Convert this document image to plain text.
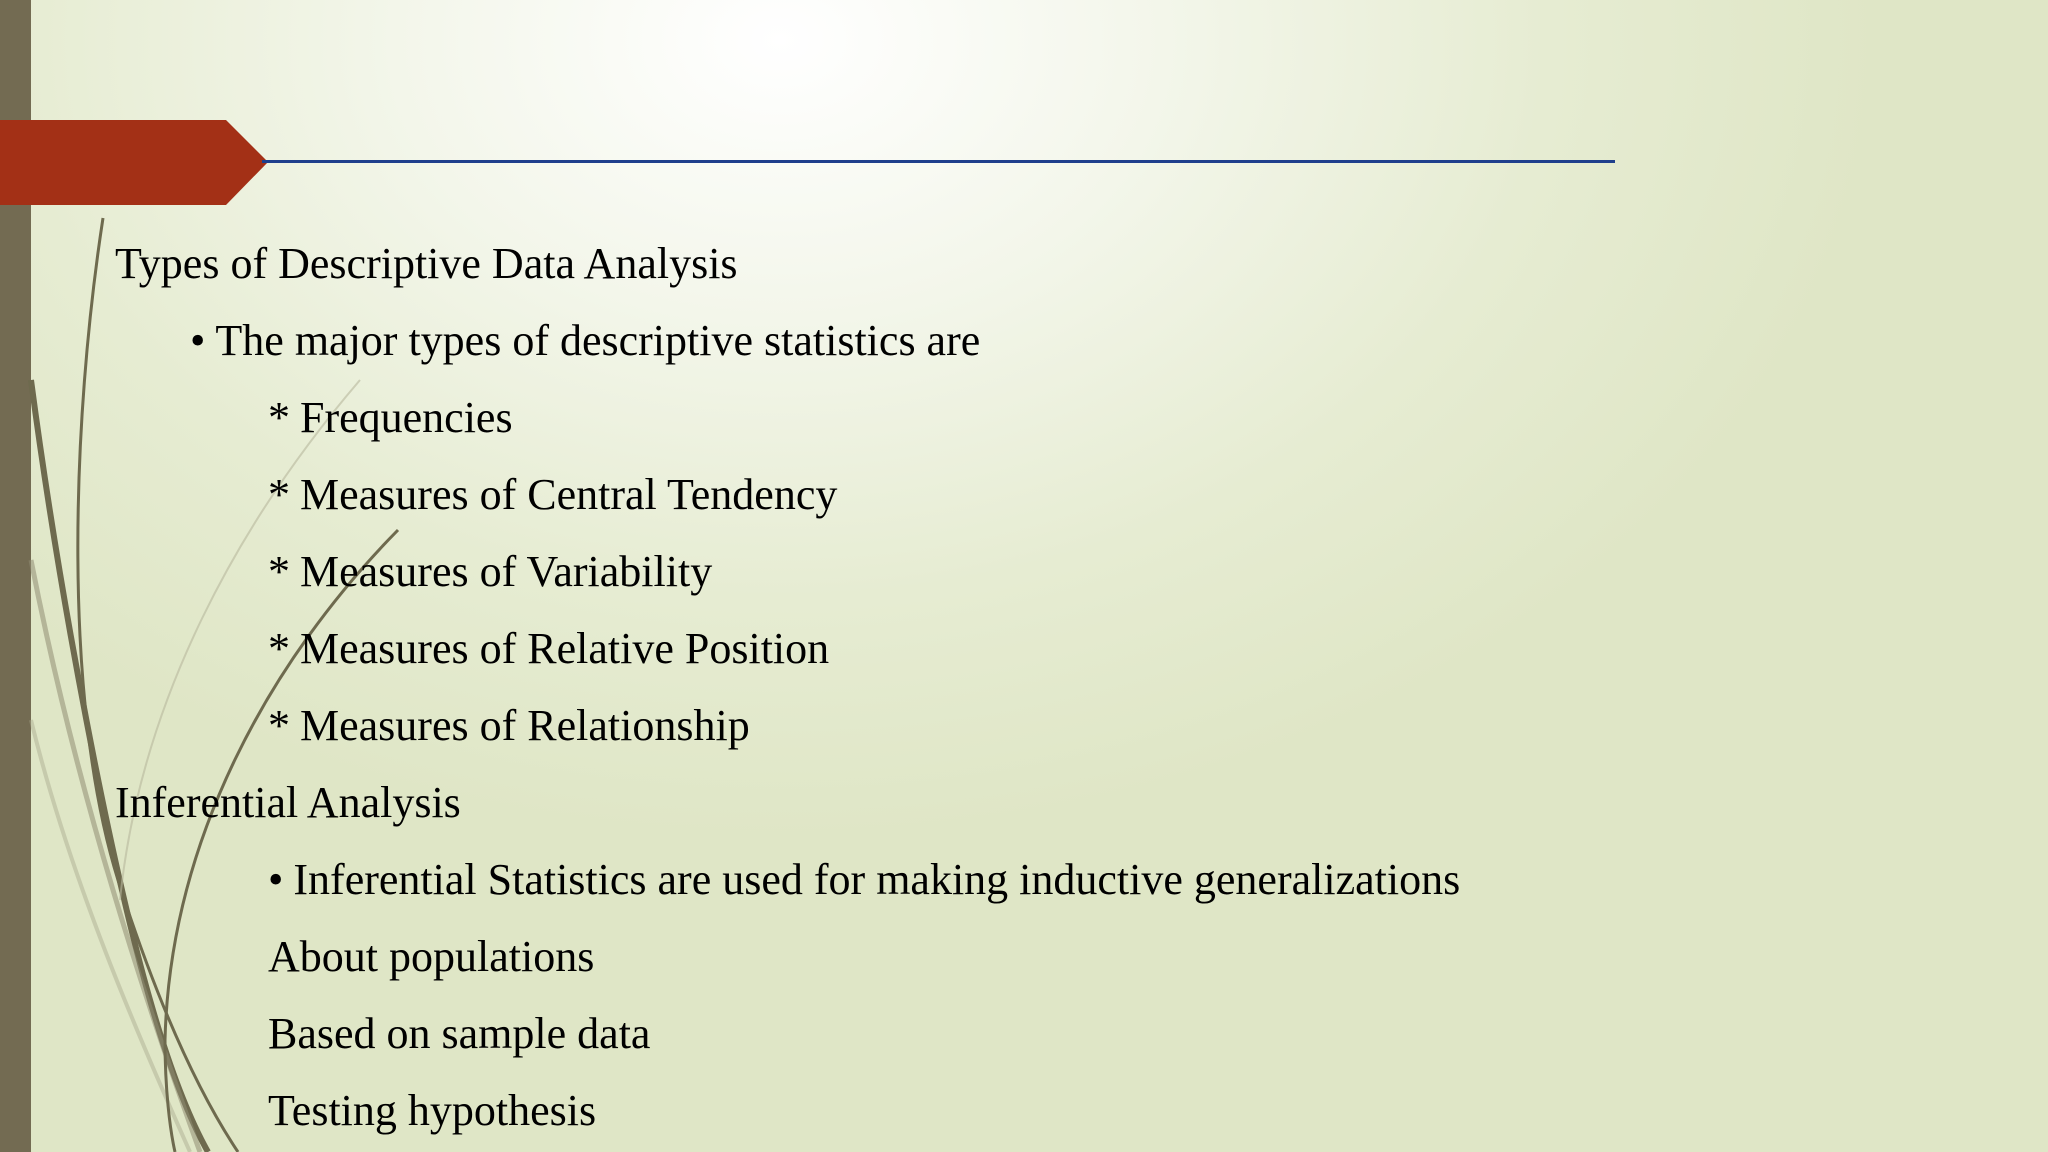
Types of Descriptive Data Analysis
• The major types of descriptive statistics are
* Frequencies
* Measures of Central Tendency
* Measures of Variability
* Measures of Relative Position
* Measures of Relationship
Inferential Analysis
• Inferential Statistics are used for making inductive generalizations
About populations
Based on sample data
Testing hypothesis
